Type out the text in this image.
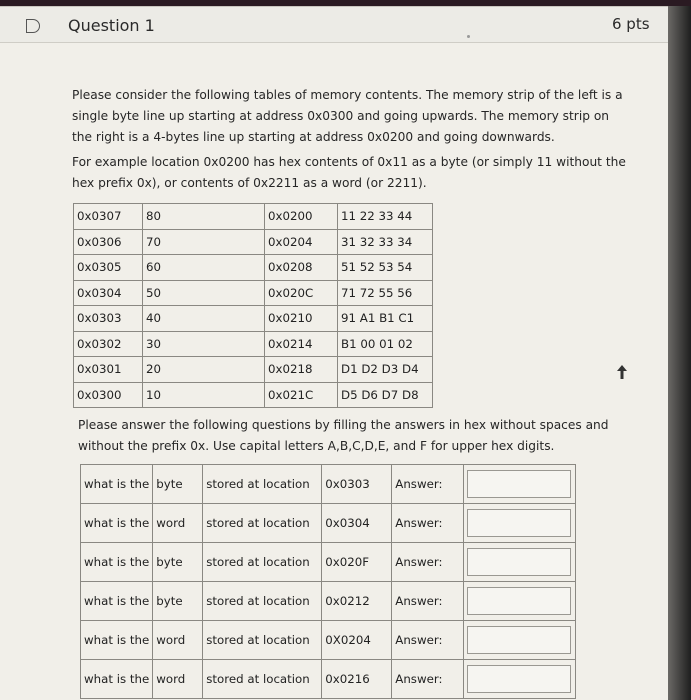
Question 1	6 pts

Please consider the following tables of memory contents. The memory strip of the left is a single byte line up starting at address 0x0300 and going upwards. The memory strip on the right is a 4-bytes line up starting at address 0x0200 and going downwards.

For example location 0x0200 has hex contents of 0x11 as a byte (or simply 11 without the hex prefix 0x), or contents of 0x2211 as a word (or 2211).

0x0307	80	0x0200	11 22 33 44
0x0306	70	0x0204	31 32 33 34
0x0305	60	0x0208	51 52 53 54
0x0304	50	0x020C	71 72 55 56
0x0303	40	0x0210	91 A1 B1 C1
0x0302	30	0x0214	B1 00 01 02
0x0301	20	0x0218	D1 D2 D3 D4
0x0300	10	0x021C	D5 D6 D7 D8

Please answer the following questions by filling the answers in hex without spaces and without the prefix 0x. Use capital letters A,B,C,D,E, and F for upper hex digits.

what is the	byte	stored at location	0x0303	Answer:	
what is the	word	stored at location	0x0304	Answer:	
what is the	byte	stored at location	0x020F	Answer:	
what is the	byte	stored at location	0x0212	Answer:	
what is the	word	stored at location	0X0204	Answer:	
what is the	word	stored at location	0x0216	Answer:	
